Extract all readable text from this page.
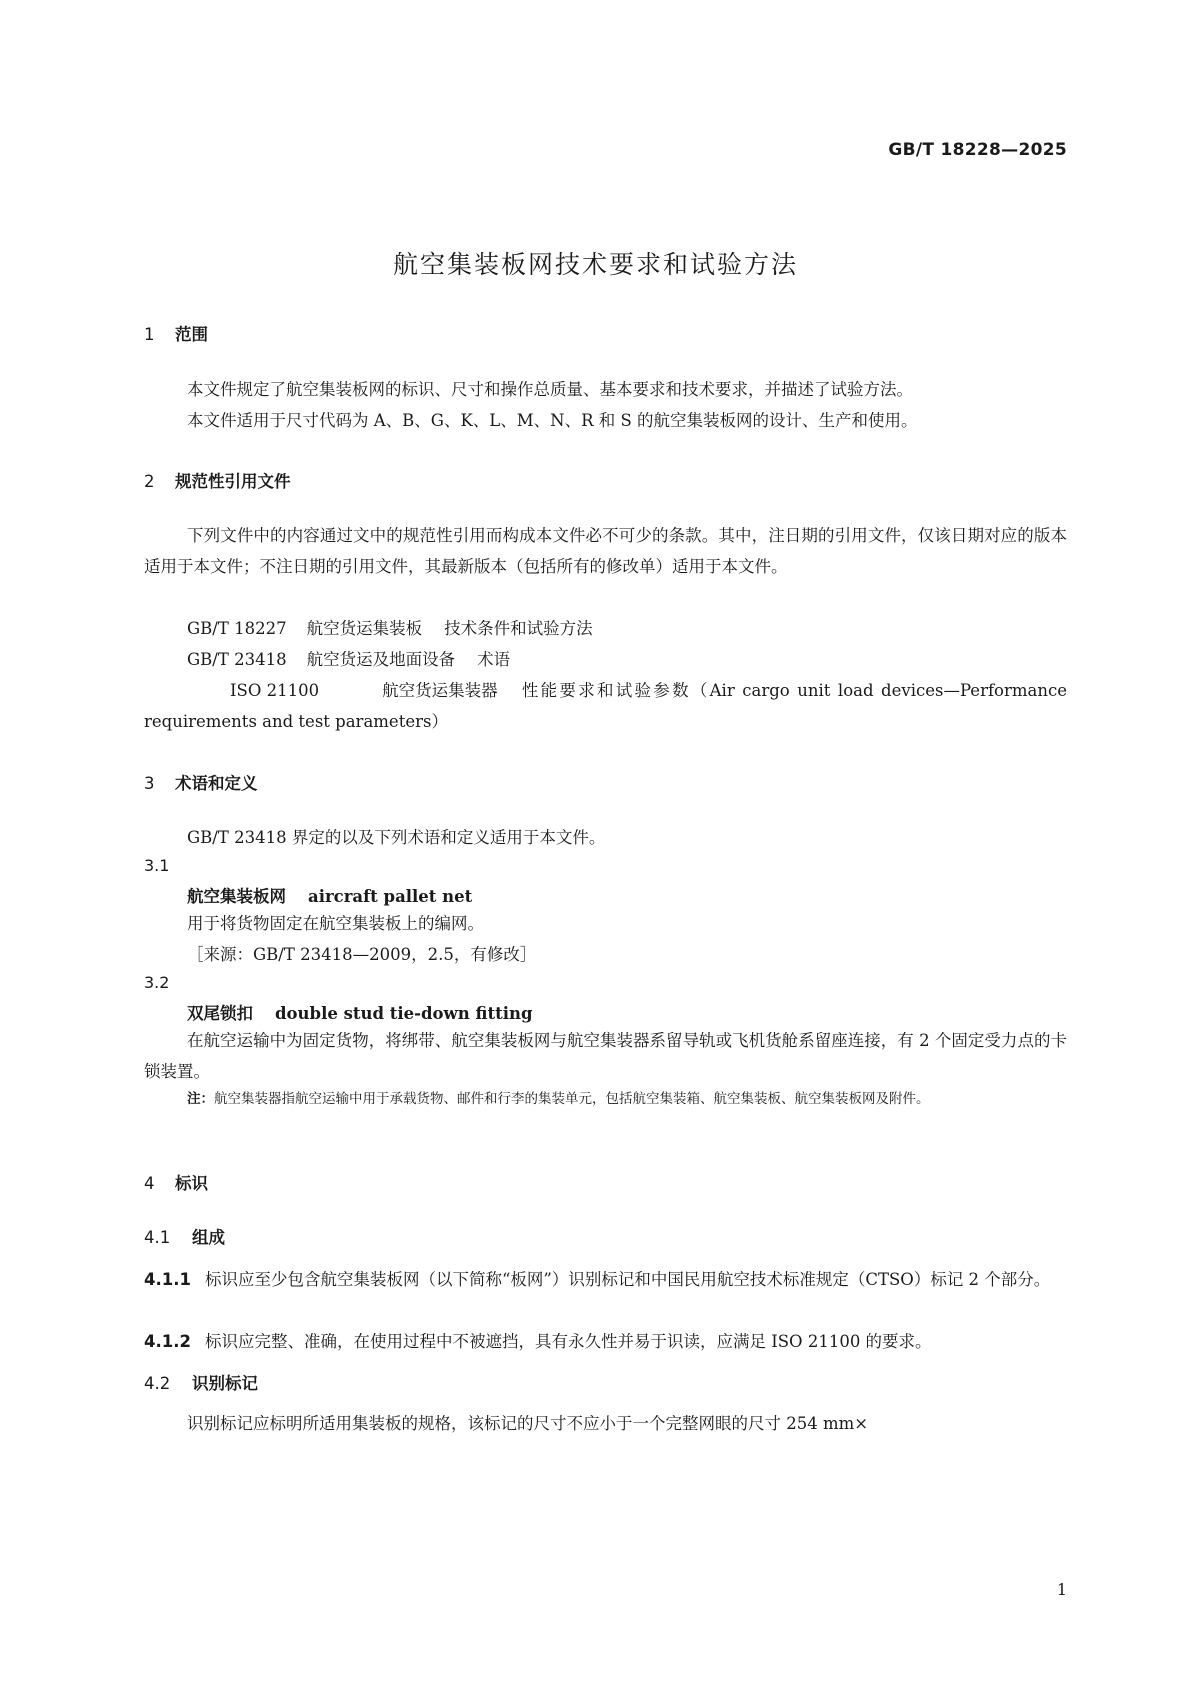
GB/T 18228—2025
航空集装板网技术要求和试验方法
1 范围
本文件规定了航空集装板网的标识、尺寸和操作总质量、基本要求和技术要求，并描述了试验方法。
本文件适用于尺寸代码为 A、B、G、K、L、M、N、R 和 S 的航空集装板网的设计、生产和使用。
2 规范性引用文件
下列文件中的内容通过文中的规范性引用而构成本文件必不可少的条款。其中，注日期的引用文件，仅该日期对应的版本适用于本文件；不注日期的引用文件，其最新版本（包括所有的修改单）适用于本文件。
GB/T 18227 航空货运集装板 技术条件和试验方法
GB/T 23418 航空货运及地面设备 术语
ISO 21100	航空货运集装器 性能要求和试验参数（Air cargo unit load devices—Performance requirements and test parameters）
3 术语和定义
GB/T 23418 界定的以及下列术语和定义适用于本文件。
3.1
航空集装板网 aircraft pallet net
用于将货物固定在航空集装板上的编网。
［来源：GB/T 23418—2009，2.5，有修改］
3.2
双尾锁扣 double stud tie-down fitting
在航空运输中为固定货物，将绑带、航空集装板网与航空集装器系留导轨或飞机货舱系留座连接，有 2 个固定受力点的卡锁装置。
注：航空集装器指航空运输中用于承载货物、邮件和行李的集装单元，包括航空集装箱、航空集装板、航空集装板网及附件。
4 标识
4.1 组成
4.1.1 标识应至少包含航空集装板网（以下简称“板网”）识别标记和中国民用航空技术标准规定（CTSO）标记 2 个部分。
4.1.2 标识应完整、准确，在使用过程中不被遮挡，具有永久性并易于识读，应满足 ISO 21100 的要求。
4.2 识别标记
识别标记应标明所适用集装板的规格，该标记的尺寸不应小于一个完整网眼的尺寸 254 mm×
1
